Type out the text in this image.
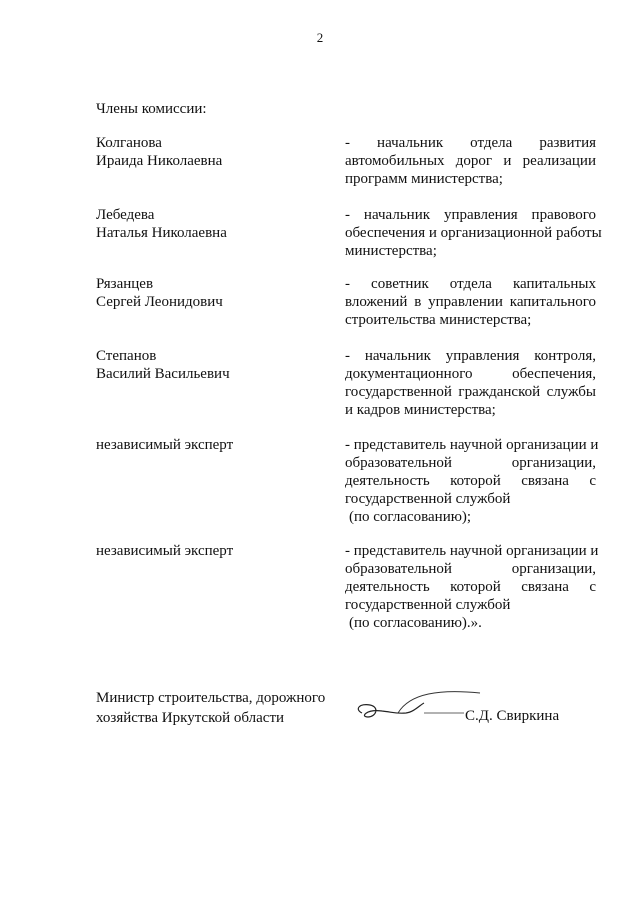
2
Члены комиссии:
Колганова
Ираида Николаевна
- начальник отдела развития
автомобильных дорог и реализации
программ министерства;
Лебедева
Наталья Николаевна
- начальник управления правового
обеспечения и организационной работы
министерства;
Рязанцев
Сергей Леонидович
- советник отдела капитальных
вложений в управлении капитального
строительства министерства;
Степанов
Василий Васильевич
- начальник управления контроля,
документационного обеспечения,
государственной гражданской службы
и кадров министерства;
независимый эксперт	- представитель научной организации и
образовательной организации,
деятельность которой связана с
государственной службой
(по согласованию);
независимый эксперт	- представитель научной организации и
образовательной организации,
деятельность которой связана с
государственной службой
(по согласованию).».
Министр строительства, дорожного
хозяйства Иркутской области	С.Д. Свиркина
